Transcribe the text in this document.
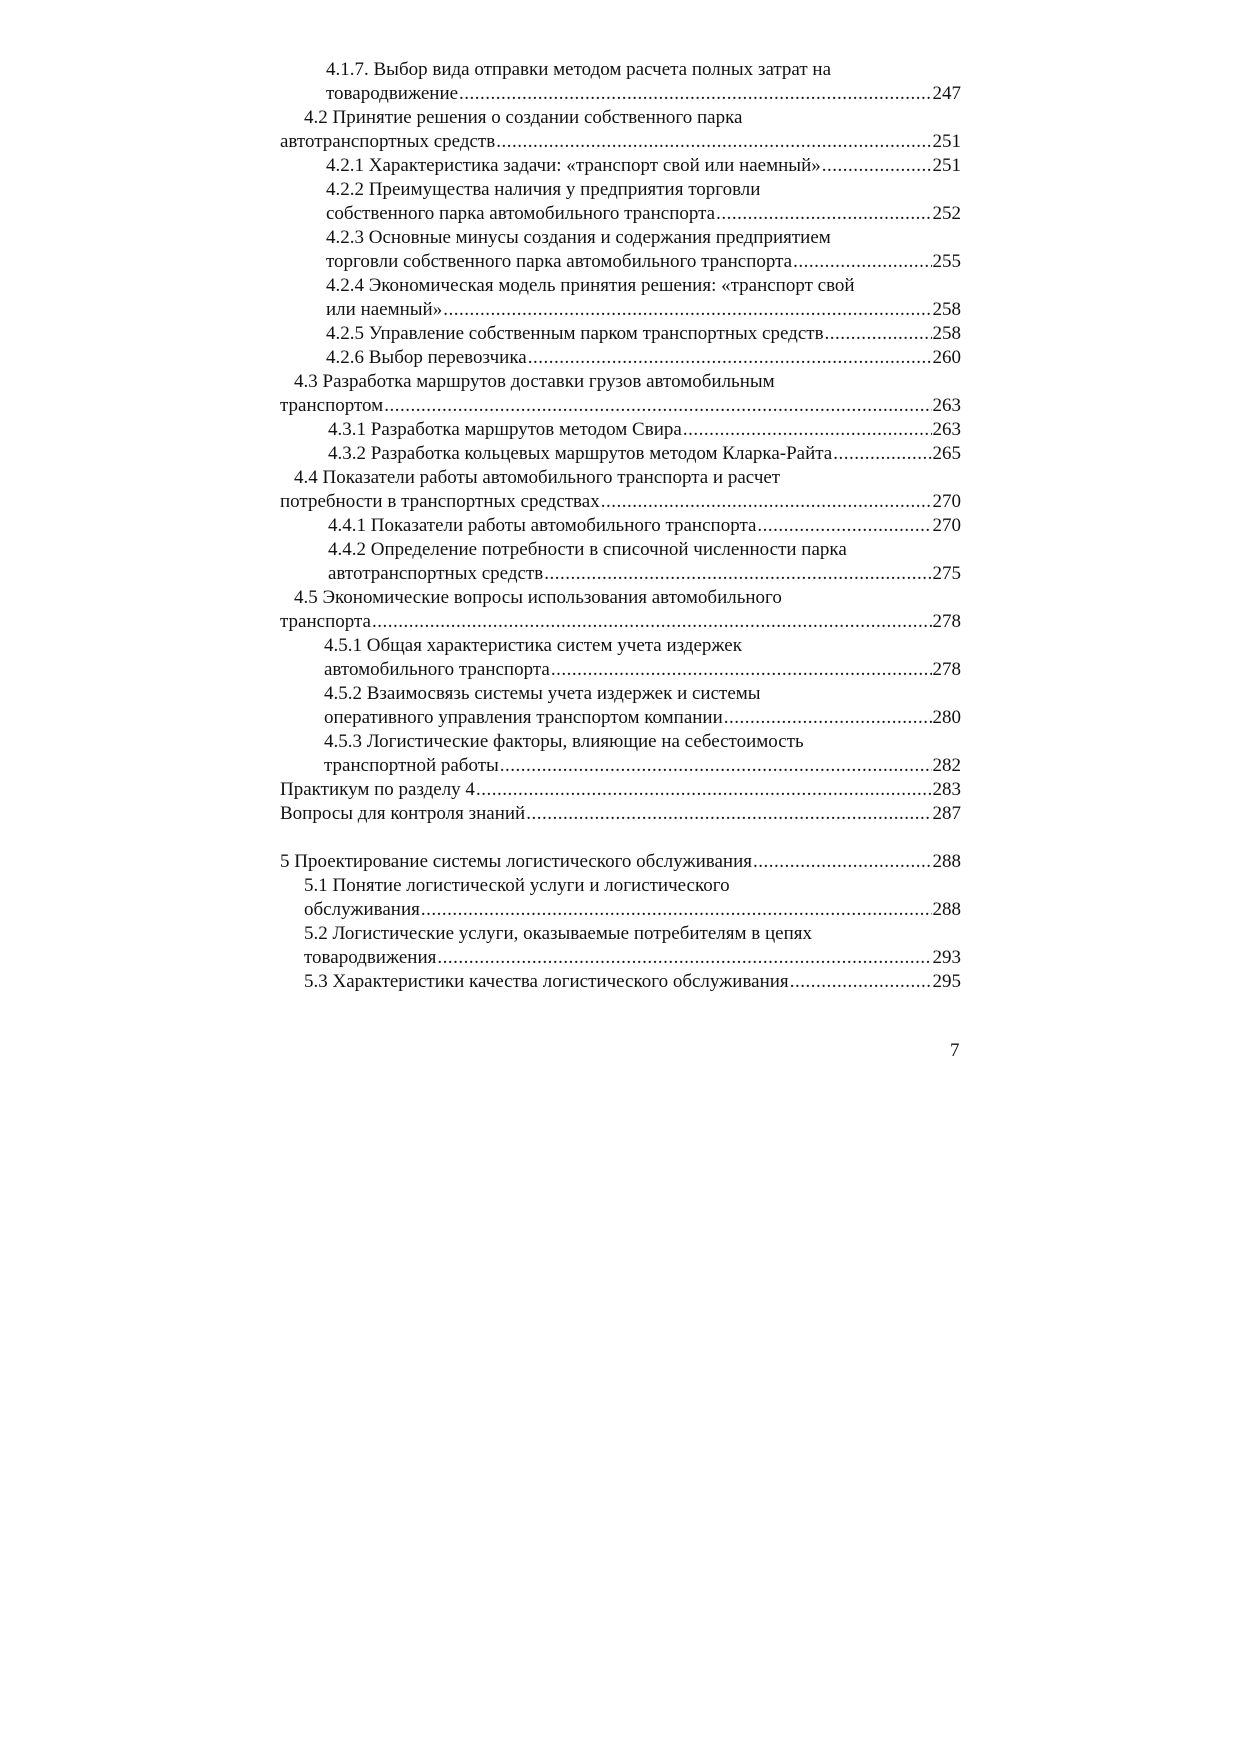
4.1.7. Выбор вида отправки методом расчета полных затрат на
товародвижение .....	247
4.2 Принятие решения о создании собственного парка
автотранспортных средств .....	251
4.2.1 Характеристика задачи: «транспорт свой или наемный» .....	251
4.2.2 Преимущества наличия у предприятия торговли
собственного парка автомобильного транспорта .....	252
4.2.3 Основные минусы создания и содержания предприятием
торговли собственного парка автомобильного транспорта .....	255
4.2.4 Экономическая модель принятия решения: «транспорт свой
или наемный» .....	258
4.2.5 Управление собственным парком транспортных средств .....	258
4.2.6 Выбор перевозчика .....	260
4.3 Разработка маршрутов доставки грузов автомобильным
транспортом .....	263
4.3.1 Разработка маршрутов методом Свира .....	263
4.3.2 Разработка кольцевых маршрутов методом Кларка-Райта .....	265
4.4 Показатели работы автомобильного транспорта и расчет
потребности в транспортных средствах .....	270
4.4.1 Показатели работы автомобильного транспорта .....	270
4.4.2 Определение потребности в списочной численности парка
автотранспортных средств .....	275
4.5 Экономические вопросы использования автомобильного
транспорта .....	278
4.5.1 Общая характеристика систем учета издержек
автомобильного транспорта .....	278
4.5.2 Взаимосвязь системы учета издержек и системы
оперативного управления транспортом компании .....	280
4.5.3 Логистические факторы, влияющие на себестоимость
транспортной работы .....	282
Практикум по разделу 4 .....	283
Вопросы для контроля знаний .....	287
5 Проектирование системы логистического обслуживания .....	288
5.1 Понятие логистической услуги и логистического
обслуживания .....	288
5.2 Логистические услуги, оказываемые потребителям в цепях
товародвижения .....	293
5.3 Характеристики качества логистического обслуживания .....	295
7
